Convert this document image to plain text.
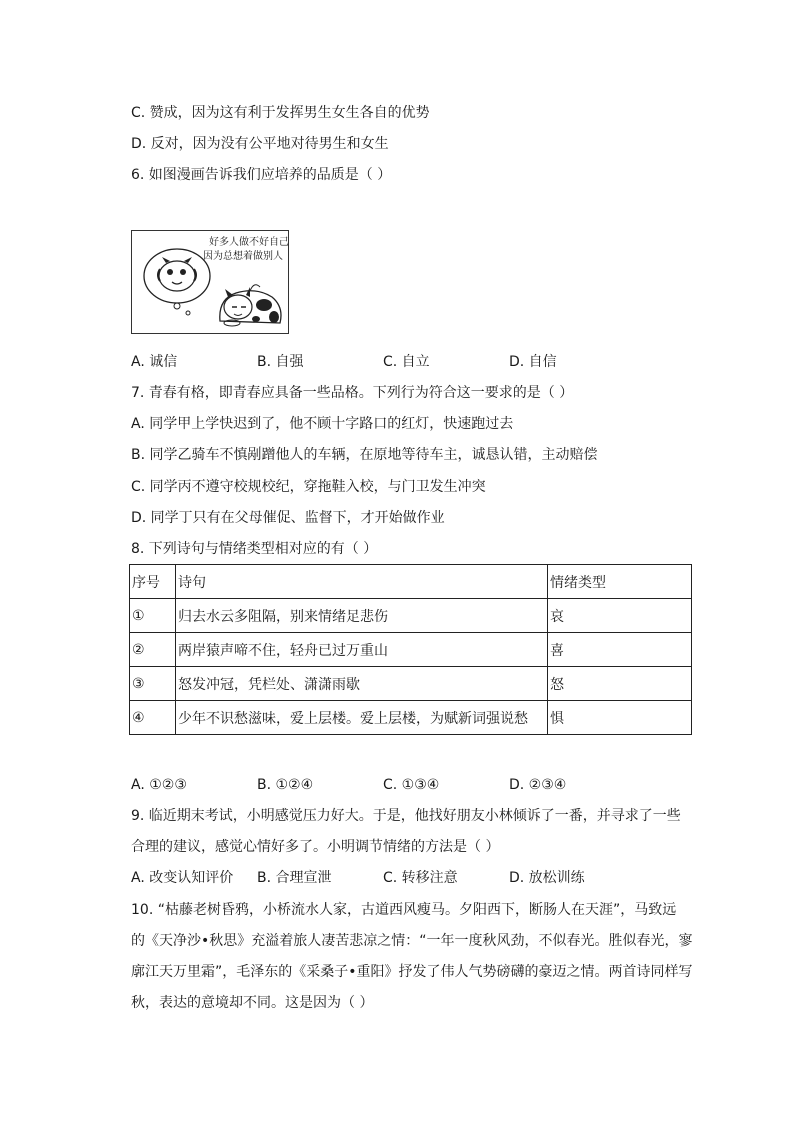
C. 赞成，因为这有利于发挥男生女生各自的优势
D. 反对，因为没有公平地对待男生和女生
6. 如图漫画告诉我们应培养的品质是（ ）
好多人做不好自己
因为总想着做别人
A. 诚信	B. 自强	C. 自立	D. 自信
7. 青春有格，即青春应具备一些品格。下列行为符合这一要求的是（ ）
A. 同学甲上学快迟到了，他不顾十字路口的红灯，快速跑过去
B. 同学乙骑车不慎剐蹭他人的车辆，在原地等待车主，诚恳认错，主动赔偿
C. 同学丙不遵守校规校纪，穿拖鞋入校，与门卫发生冲突
D. 同学丁只有在父母催促、监督下，才开始做作业
8. 下列诗句与情绪类型相对应的有（ ）
序号	诗句	情绪类型
①	归去水云多阻隔，别来情绪足悲伤	哀
②	两岸猿声啼不住，轻舟已过万重山	喜
③	怒发冲冠，凭栏处、潇潇雨歇	怒
④	少年不识愁滋味，爱上层楼。爱上层楼，为赋新词强说愁	惧
A. ①②③	B. ①②④	C. ①③④	D. ②③④
9. 临近期末考试，小明感觉压力好大。于是，他找好朋友小林倾诉了一番，并寻求了一些
合理的建议，感觉心情好多了。小明调节情绪的方法是（ ）
A. 改变认知评价 B. 合理宣泄	C. 转移注意	D. 放松训练
10. “枯藤老树昏鸦，小桥流水人家，古道西风瘦马。夕阳西下，断肠人在天涯”，马致远
的《天净沙•秋思》充溢着旅人凄苦悲凉之情：“一年一度秋风劲，不似春光。胜似春光，寥
廓江天万里霜”，毛泽东的《采桑子•重阳》抒发了伟人气势磅礴的豪迈之情。两首诗同样写
秋，表达的意境却不同。这是因为（ ）
